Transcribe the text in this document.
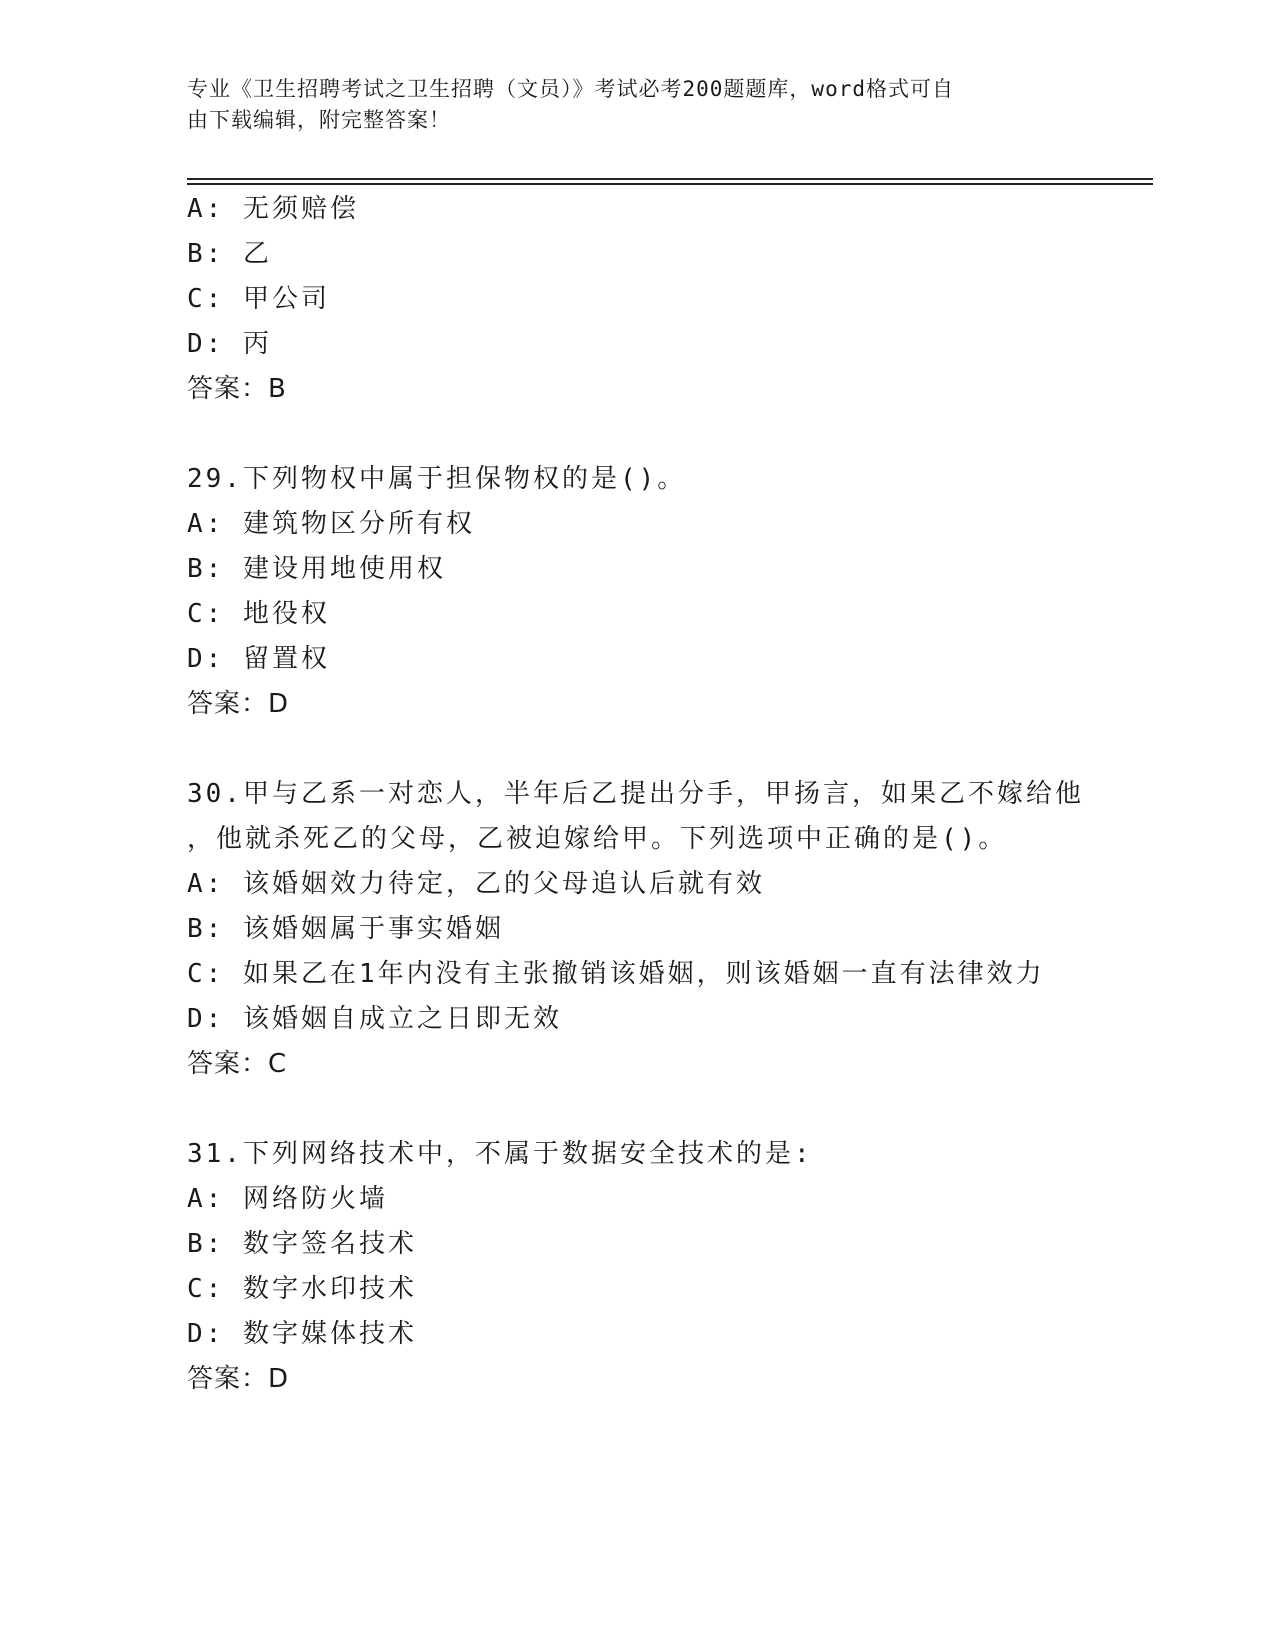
专业《卫生招聘考试之卫生招聘（文员）》考试必考200题题库，word格式可自
由下载编辑，附完整答案！
A: 无须赔偿
B: 乙
C: 甲公司
D: 丙
答案：B
29.下列物权中属于担保物权的是()。
A: 建筑物区分所有权
B: 建设用地使用权
C: 地役权
D: 留置权
答案：D
30.甲与乙系一对恋人，半年后乙提出分手，甲扬言，如果乙不嫁给他
，他就杀死乙的父母，乙被迫嫁给甲。下列选项中正确的是()。
A: 该婚姻效力待定，乙的父母追认后就有效
B: 该婚姻属于事实婚姻
C: 如果乙在1年内没有主张撤销该婚姻，则该婚姻一直有法律效力
D: 该婚姻自成立之日即无效
答案：C
31.下列网络技术中，不属于数据安全技术的是:
A: 网络防火墙
B: 数字签名技术
C: 数字水印技术
D: 数字媒体技术
答案：D
